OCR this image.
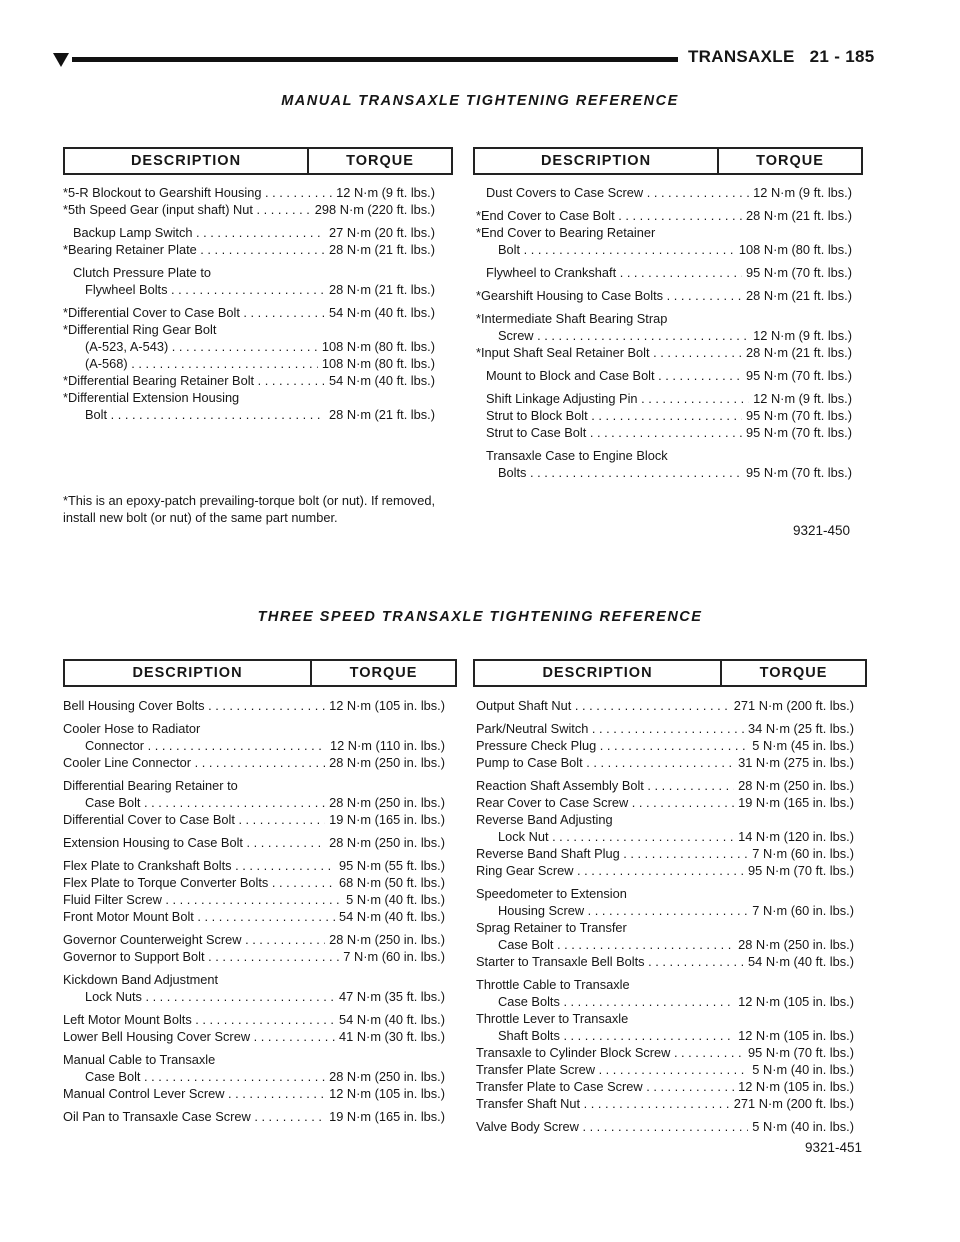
TRANSAXLE 21 - 185
MANUAL TRANSAXLE TIGHTENING REFERENCE
DESCRIPTION	TORQUE	DESCRIPTION	TORQUE
*5-R Blockout to Gearshift Housing . . .	12 N·m (9 ft. lbs.)
*5th Speed Gear (input shaft) Nut . . .	298 N·m (220 ft. lbs.)
Backup Lamp Switch . . .	27 N·m (20 ft. lbs.)
*Bearing Retainer Plate . . .	28 N·m (21 ft. lbs.)
Clutch Pressure Plate to
Flywheel Bolts . . .	28 N·m (21 ft. lbs.)
*Differential Cover to Case Bolt . . .	54 N·m (40 ft. lbs.)
*Differential Ring Gear Bolt
(A-523, A-543) . . .	108 N·m (80 ft. lbs.)
(A-568) . . .	108 N·m (80 ft. lbs.)
*Differential Bearing Retainer Bolt . . .	54 N·m (40 ft. lbs.)
*Differential Extension Housing
Bolt . . .	28 N·m (21 ft. lbs.)
Dust Covers to Case Screw . . .	12 N·m (9 ft. lbs.)
*End Cover to Case Bolt . . .	28 N·m (21 ft. lbs.)
*End Cover to Bearing Retainer
Bolt . . .	108 N·m (80 ft. lbs.)
Flywheel to Crankshaft . . .	95 N·m (70 ft. lbs.)
*Gearshift Housing to Case Bolts . . .	28 N·m (21 ft. lbs.)
*Intermediate Shaft Bearing Strap
Screw . . .	12 N·m (9 ft. lbs.)
*Input Shaft Seal Retainer Bolt . . .	28 N·m (21 ft. lbs.)
Mount to Block and Case Bolt . . .	95 N·m (70 ft. lbs.)
Shift Linkage Adjusting Pin . . .	12 N·m (9 ft. lbs.)
Strut to Block Bolt . . .	95 N·m (70 ft. lbs.)
Strut to Case Bolt . . .	95 N·m (70 ft. lbs.)
Transaxle Case to Engine Block
Bolts . . .	95 N·m (70 ft. lbs.)
*This is an epoxy-patch prevailing-torque bolt (or nut). If removed,
install new bolt (or nut) of the same part number.
9321-450
THREE SPEED TRANSAXLE TIGHTENING REFERENCE
DESCRIPTION	TORQUE	DESCRIPTION	TORQUE
Bell Housing Cover Bolts . . .	12 N·m (105 in. lbs.)
Cooler Hose to Radiator
Connector . . .	12 N·m (110 in. lbs.)
Cooler Line Connector . . .	28 N·m (250 in. lbs.)
Differential Bearing Retainer to
Case Bolt . . .	28 N·m (250 in. lbs.)
Differential Cover to Case Bolt . . .	19 N·m (165 in. lbs.)
Extension Housing to Case Bolt . . .	28 N·m (250 in. lbs.)
Flex Plate to Crankshaft Bolts . . .	95 N·m (55 ft. lbs.)
Flex Plate to Torque Converter Bolts . . .	68 N·m (50 ft. lbs.)
Fluid Filter Screw . . .	5 N·m (40 ft. lbs.)
Front Motor Mount Bolt . . .	54 N·m (40 ft. lbs.)
Governor Counterweight Screw . . .	28 N·m (250 in. lbs.)
Governor to Support Bolt . . .	7 N·m (60 in. lbs.)
Kickdown Band Adjustment
Lock Nuts . . .	47 N·m (35 ft. lbs.)
Left Motor Mount Bolts . . .	54 N·m (40 ft. lbs.)
Lower Bell Housing Cover Screw . . .	41 N·m (30 ft. lbs.)
Manual Cable to Transaxle
Case Bolt . . .	28 N·m (250 in. lbs.)
Manual Control Lever Screw . . .	12 N·m (105 in. lbs.)
Oil Pan to Transaxle Case Screw . . .	19 N·m (165 in. lbs.)
Output Shaft Nut . . .	271 N·m (200 ft. lbs.)
Park/Neutral Switch . . .	34 N·m (25 ft. lbs.)
Pressure Check Plug . . .	5 N·m (45 in. lbs.)
Pump to Case Bolt . . .	31 N·m (275 in. lbs.)
Reaction Shaft Assembly Bolt . . .	28 N·m (250 in. lbs.)
Rear Cover to Case Screw . . .	19 N·m (165 in. lbs.)
Reverse Band Adjusting
Lock Nut . . .	14 N·m (120 in. lbs.)
Reverse Band Shaft Plug . . .	7 N·m (60 in. lbs.)
Ring Gear Screw . . .	95 N·m (70 ft. lbs.)
Speedometer to Extension
Housing Screw . . .	7 N·m (60 in. lbs.)
Sprag Retainer to Transfer
Case Bolt . . .	28 N·m (250 in. lbs.)
Starter to Transaxle Bell Bolts . . .	54 N·m (40 ft. lbs.)
Throttle Cable to Transaxle
Case Bolts . . .	12 N·m (105 in. lbs.)
Throttle Lever to Transaxle
Shaft Bolts . . .	12 N·m (105 in. lbs.)
Transaxle to Cylinder Block Screw . . .	95 N·m (70 ft. lbs.)
Transfer Plate Screw . . .	5 N·m (40 in. lbs.)
Transfer Plate to Case Screw . . .	12 N·m (105 in. lbs.)
Transfer Shaft Nut . . .	271 N·m (200 ft. lbs.)
Valve Body Screw . . .	5 N·m (40 in. lbs.)
9321-451
